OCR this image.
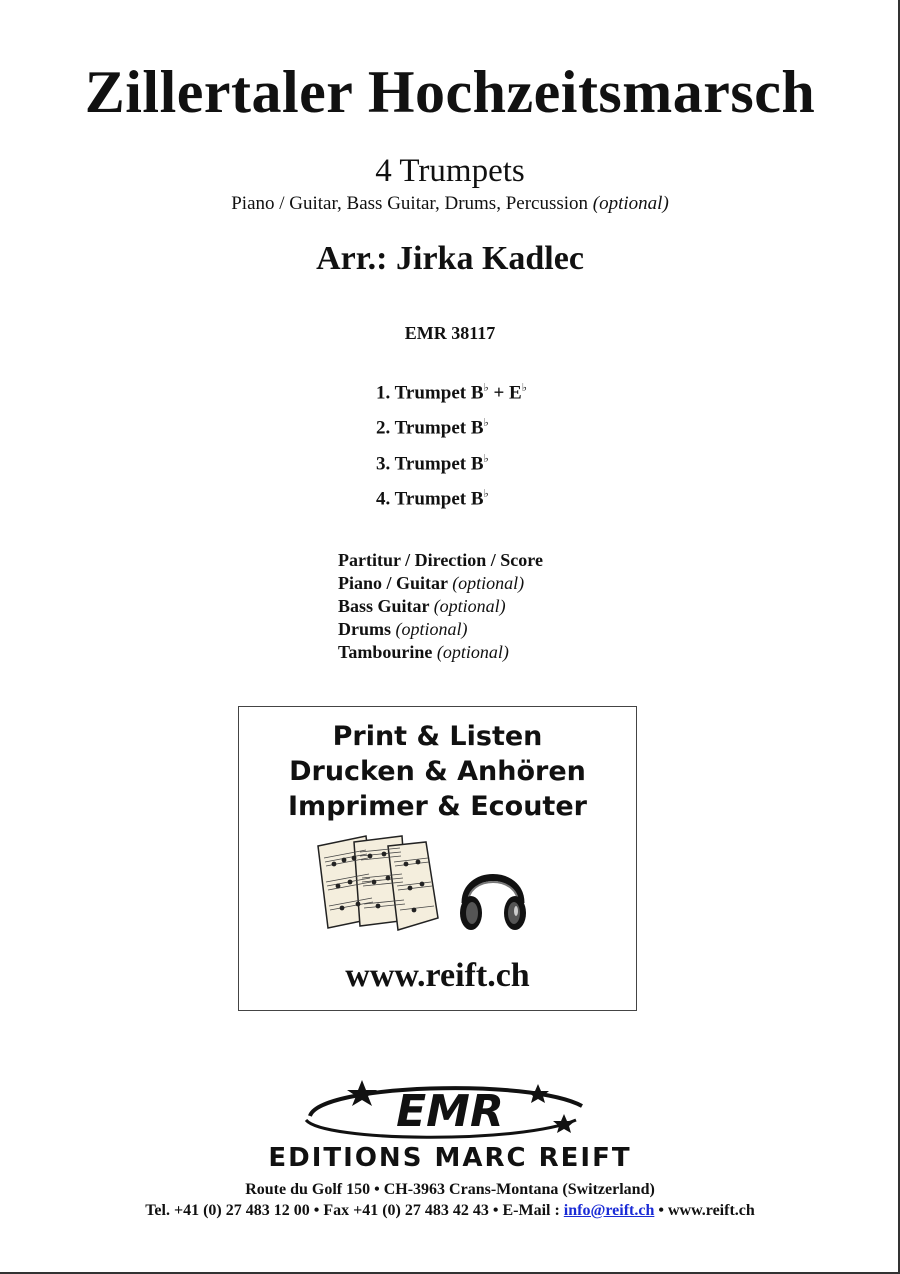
Zillertaler Hochzeitsmarsch
4 Trumpets
Piano / Guitar, Bass Guitar, Drums, Percussion (optional)
Arr.: Jirka Kadlec
EMR 38117
1. Trumpet B♭ + E♭
2. Trumpet B♭
3. Trumpet B♭
4. Trumpet B♭
Partitur / Direction / Score
Piano / Guitar (optional)
Bass Guitar (optional)
Drums (optional)
Tambourine (optional)
Print & Listen
Drucken & Anhören
Imprimer & Ecouter
www.reift.ch
EMR
EDITIONS MARC REIFT
Route du Golf 150 • CH-3963 Crans-Montana (Switzerland)
Tel. +41 (0) 27 483 12 00 • Fax +41 (0) 27 483 42 43 • E-Mail : info@reift.ch • www.reift.ch
